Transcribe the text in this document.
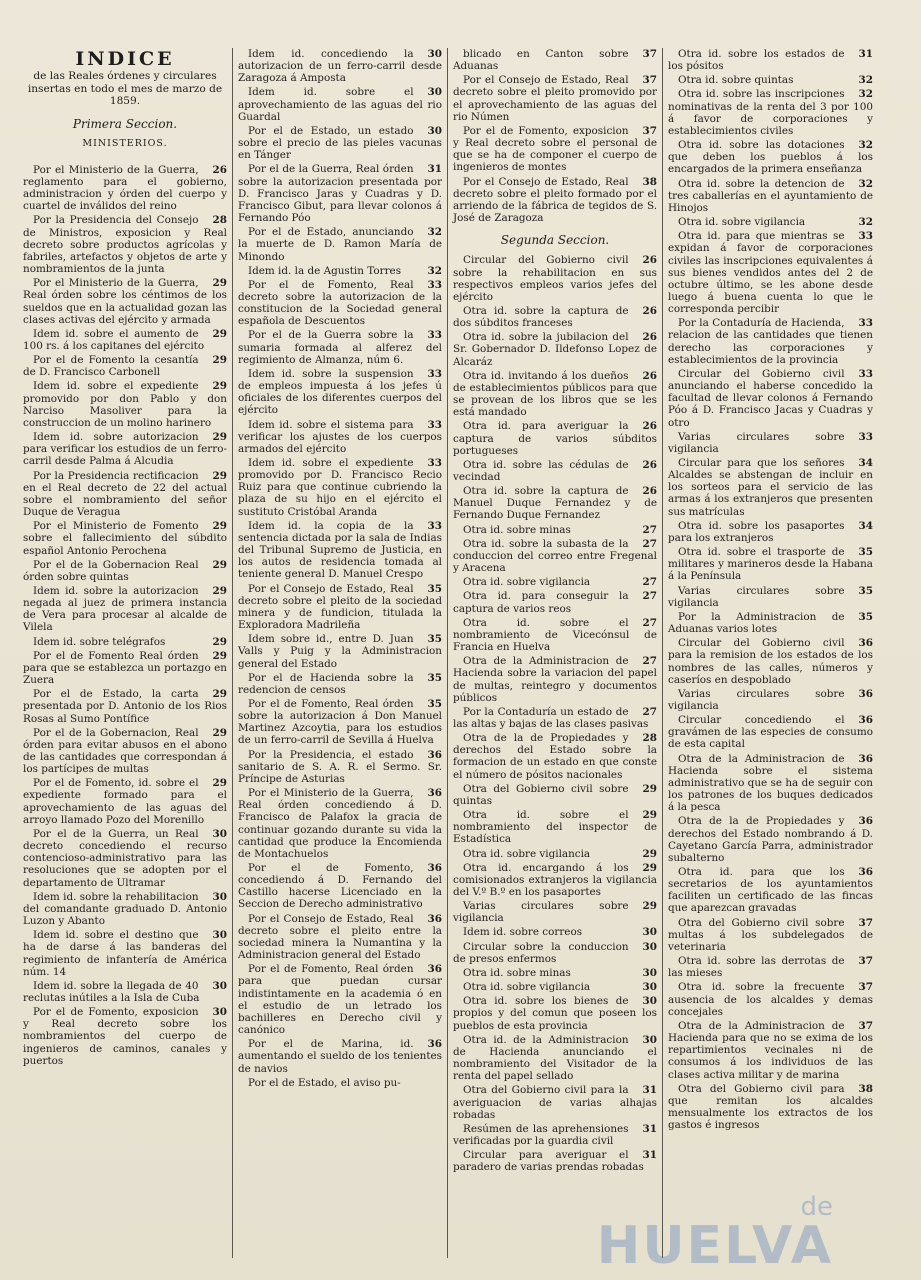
INDICE
de las Reales órdenes y circulares insertas en todo el mes de marzo de 1859.
Primera Seccion.
MINISTERIOS.

26
Por el Ministerio de la Guerra, reglamento para el gobierno, administracion y órden del cuerpo y cuartel de inválidos del reino

28
Por la Presidencia del Consejo de Ministros, exposicion y Real decreto sobre productos agrícolas y fabriles, artefactos y objetos de arte y nombramientos de la junta

29
Por el Ministerio de la Guerra, Real órden sobre los céntimos de los sueldos que en la actualidad gozan las clases activas del ejército y armada

29
Idem id. sobre el aumento de 100 rs. á los capitanes del ejército

29
Por el de Fomento la cesantía de D. Francisco Carbonell

29
Idem id. sobre el expediente promovido por don Pablo y don Narciso Masoliver para la construccion de un molino harinero

29
Idem id. sobre autorizacion para verificar los estudios de un ferro-carril desde Palma á Alcudia

29
Por la Presidencia rectificacion en el Real decreto de 22 del actual sobre el nombramiento del señor Duque de Veragua

29
Por el Ministerio de Fomento sobre el fallecimiento del súbdito español Antonio Perochena

29
Por el de la Gobernacion Real órden sobre quintas

29
Idem id. sobre la autorizacion negada al juez de primera instancia de Vera para procesar al alcalde de Vilela

29
Idem id. sobre telégrafos

29
Por el de Fomento Real órden para que se establezca un portazgo en Zuera

29
Por el de Estado, la carta presentada por D. Antonio de los Rios Rosas al Sumo Pontífice

29
Por el de la Gobernacion, Real órden para evitar abusos en el abono de las cantidades que correspondan á los partícipes de multas

29
Por el de Fomento, id. sobre el expediente formado para el aprovechamiento de las aguas del arroyo llamado Pozo del Morenillo

30
Por el de la Guerra, un Real decreto concediendo el recurso contencioso-administrativo para las resoluciones que se adopten por el departamento de Ultramar

30
Idem id. sobre la rehabilitacion del comandante graduado D. Antonio Luzon y Abanto

30
Idem id. sobre el destino que ha de darse á las banderas del regimiento de infantería de América núm. 14

30
Idem id. sobre la llegada de 40 reclutas inútiles a la Isla de Cuba

30
Por el de Fomento, exposicion y Real decreto sobre los nombramientos del cuerpo de ingenieros de caminos, canales y puertos

30
Idem id. concediendo la autorizacion de un ferro-carril desde Zaragoza á Amposta

30
Idem id. sobre el aprovechamiento de las aguas del rio Guardal

30
Por el de Estado, un estado sobre el precio de las pieles vacunas en Tánger

31
Por el de la Guerra, Real órden sobre la autorizacion presentada por D. Francisco Jaras y Cuadras y D. Francisco Gibut, para llevar colonos á Fernando Póo

32
Por el de Estado, anunciando la muerte de D. Ramon María de Minondo

32
Idem id. la de Agustin Torres

33
Por el de Fomento, Real decreto sobre la autorizacion de la constitucion de la Sociedad general española de Descuentos

33
Por el de la Guerra sobre la sumaria formada al alferez del regimiento de Almanza, núm 6.

33
Idem id. sobre la suspension de empleos impuesta á los jefes ú oficiales de los diferentes cuerpos del ejército

33
Idem id. sobre el sistema para verificar los ajustes de los cuerpos armados del ejército

33
Idem id. sobre el expediente promovido por D. Francisco Recio Ruiz para que continue cubriendo la plaza de su hijo en el ejército el sustituto Cristóbal Aranda

33
Idem id. la copia de la sentencia dictada por la sala de Indias del Tribunal Supremo de Justicia, en los autos de residencia tomada al teniente general D. Manuel Crespo

35
Por el Consejo de Estado, Real decreto sobre el pleito de la sociedad minera y de fundicion, titulada la Exploradora Madrileña

35
Idem sobre id., entre D. Juan Valls y Puig y la Administracion general del Estado

35
Por el de Hacienda sobre la redencion de censos

35
Por el de Fomento, Real órden sobre la autorizacion á Don Manuel Martinez Azcoytia, para los estudios de un ferro-carril de Sevilla á Huelva

36
Por la Presidencia, el estado sanitario de S. A. R. el Sermo. Sr. Príncipe de Asturias

36
Por el Ministerio de la Guerra, Real órden concediendo á D. Francisco de Palafox la gracia de continuar gozando durante su vida la cantidad que produce la Encomienda de Montachuelos

36
Por el de Fomento, concediendo á D. Fernando del Castillo hacerse Licenciado en la Seccion de Derecho administrativo

36
Por el Consejo de Estado, Real decreto sobre el pleito entre la sociedad minera la Numantina y la Administracion general del Estado

36
Por el de Fomento, Real órden para que puedan cursar indistintamente en la academia ó en el estudio de un letrado los bachilleres en Derecho civil y canónico

36
Por el de Marina, id. aumentando el sueldo de los tenientes de navios

Por el de Estado, el aviso pu-

37
blicado en Canton sobre Aduanas

37
Por el Consejo de Estado, Real decreto sobre el pleito promovido por el aprovechamiento de las aguas del rio Númen

37
Por el de Fomento, exposicion y Real decreto sobre el personal de que se ha de componer el cuerpo de ingenieros de montes

38
Por el Consejo de Estado, Real decreto sobre el pleito formado por el arriendo de la fábrica de tegidos de S. José de Zaragoza

Segunda Seccion.

26
Circular del Gobierno civil sobre la rehabilitacion en sus respectivos empleos varios jefes del ejército

26
Otra id. sobre la captura de dos súbditos franceses

26
Otra id. sobre la jubilacion del Sr. Gobernador D. Ildefonso Lopez de Alcaráz

26
Otra id. invitando á los dueños de establecimientos públicos para que se provean de los libros que se les está mandado

26
Otra id. para averiguar la captura de varios súbditos portugueses

26
Otra id. sobre las cédulas de vecindad

26
Otra id. sobre la captura de Manuel Duque Fernandez y de Fernando Duque Fernandez

27
Otra id. sobre minas

27
Otra id. sobre la subasta de la conduccion del correo entre Fregenal y Aracena

27
Otra id. sobre vigilancia

27
Otra id. para conseguir la captura de varios reos

27
Otra id. sobre el nombramiento de Vicecónsul de Francia en Huelva

27
Otra de la Administracion de Hacienda sobre la variacion del papel de multas, reintegro y documentos públicos

27
Por la Contaduría un estado de las altas y bajas de las clases pasivas

28
Otra de la de Propiedades y derechos del Estado sobre la formacion de un estado en que conste el número de pósitos nacionales

29
Otra del Gobierno civil sobre quintas

29
Otra id. sobre el nombramiento del inspector de Estadística

29
Otra id. sobre vigilancia

29
Otra id. encargando á los comisionados extranjeros la vigilancia del V.º B.º en los pasaportes

29
Varias circulares sobre vigilancia

30
Idem id. sobre correos

30
Circular sobre la conduccion de presos enfermos

30
Otra id. sobre minas

30
Otra id. sobre vigilancia

30
Otra id. sobre los bienes de propios y del comun que poseen los pueblos de esta provincia

30
Otra id. de la Administracion de Hacienda anunciando el nombramiento del Visitador de la renta del papel sellado

31
Otra del Gobierno civil para la averiguacion de varias alhajas robadas

31
Resúmen de las aprehensiones verificadas por la guardia civil

31
Circular para averiguar el paradero de varias prendas robadas

31
Otra id. sobre los estados de los pósitos

32
Otra id. sobre quintas

32
Otra id. sobre las inscripciones nominativas de la renta del 3 por 100 á favor de corporaciones y establecimientos civiles

32
Otra id. sobre las dotaciones que deben los pueblos á los encargados de la primera enseñanza

32
Otra id. sobre la detencion de tres caballerías en el ayuntamiento de Hinojos

32
Otra id. sobre vigilancia

33
Otra id. para que mientras se expidan á favor de corporaciones civiles las inscripciones equivalentes á sus bienes vendidos antes del 2 de octubre último, se les abone desde luego á buena cuenta lo que le corresponda percibir

33
Por la Contaduría de Hacienda, relacion de las cantidades que tienen derecho las corporaciones y establecimientos de la provincia

33
Circular del Gobierno civil anunciando el haberse concedido la facultad de llevar colonos á Fernando Póo á D. Francisco Jacas y Cuadras y otro

33
Varias circulares sobre vigilancia

34
Circular para que los señores Alcaldes se abstengan de incluir en los sorteos para el servicio de las armas á los extranjeros que presenten sus matrículas

34
Otra id. sobre los pasaportes para los extranjeros

35
Otra id. sobre el trasporte de militares y marineros desde la Habana á la Península

35
Varias circulares sobre vigilancia

35
Por la Administracion de Aduanas varios lotes

36
Circular del Gobierno civil para la remision de los estados de los nombres de las calles, números y caseríos en despoblado

36
Varias circulares sobre vigilancia

36
Circular concediendo el gravámen de las especies de consumo de esta capital

36
Otra de la Administracion de Hacienda sobre el sistema administrativo que se ha de seguir con los patrones de los buques dedicados á la pesca

36
Otra de la de Propiedades y derechos del Estado nombrando á D. Cayetano García Parra, administrador subalterno

36
Otra id. para que los secretarios de los ayuntamientos faciliten un certificado de las fincas que aparezcan gravadas

37
Otra del Gobierno civil sobre multas á los subdelegados de veterinaria

37
Otra id. sobre las derrotas de las mieses

37
Otra id. sobre la frecuente ausencia de los alcaldes y demas concejales

37
Otra de la Administracion de Hacienda para que no se exima de los repartimientos vecinales ni de consumos á los individuos de las clases activa militar y de marina

38
Otra del Gobierno civil para que remitan los alcaldes mensualmente los extractos de los gastos é ingresos

de
HUELVA
